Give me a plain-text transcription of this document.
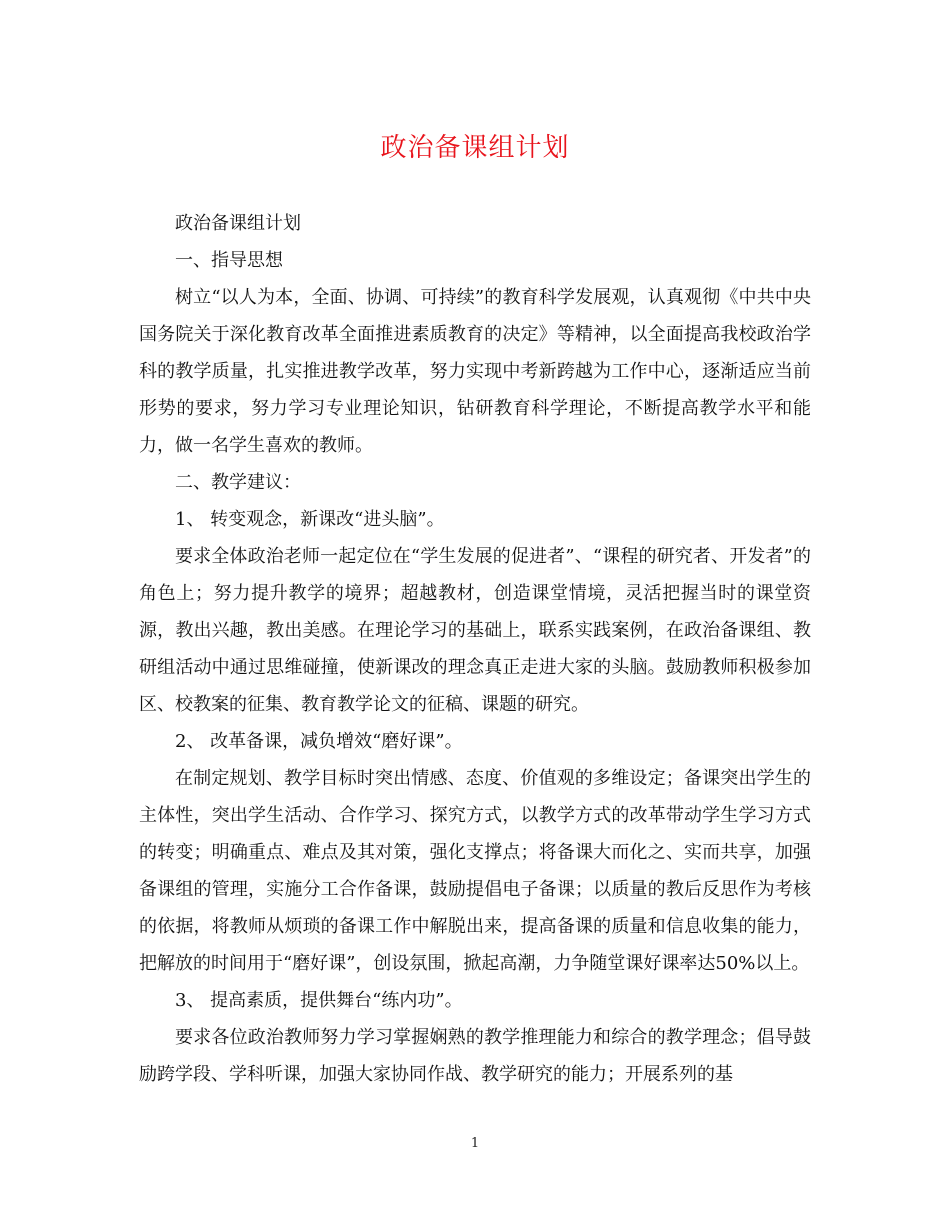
政治备课组计划

政治备课组计划

一、指导思想

树立“以人为本，全面、协调、可持续”的教育科学发展观，认真观彻《中共中央国务院关于深化教育改革全面推进素质教育的决定》等精神，以全面提高我校政治学科的教学质量，扎实推进教学改革，努力实现中考新跨越为工作中心，逐渐适应当前形势的要求，努力学习专业理论知识，钻研教育科学理论，不断提高教学水平和能力，做一名学生喜欢的教师。

二、教学建议：

1、 转变观念，新课改“进头脑”。

要求全体政治老师一起定位在“学生发展的促进者”、“课程的研究者、开发者”的角色上；努力提升教学的境界；超越教材，创造课堂情境，灵活把握当时的课堂资源，教出兴趣，教出美感。在理论学习的基础上，联系实践案例，在政治备课组、教研组活动中通过思维碰撞，使新课改的理念真正走进大家的头脑。鼓励教师积极参加区、校教案的征集、教育教学论文的征稿、课题的研究。

2、 改革备课，减负增效“磨好课”。

在制定规划、教学目标时突出情感、态度、价值观的多维设定；备课突出学生的主体性，突出学生活动、合作学习、探究方式，以教学方式的改革带动学生学习方式的转变；明确重点、难点及其对策，强化支撑点；将备课大而化之、实而共享，加强备课组的管理，实施分工合作备课，鼓励提倡电子备课；以质量的教后反思作为考核的依据，将教师从烦琐的备课工作中解脱出来，提高备课的质量和信息收集的能力，把解放的时间用于“磨好课”，创设氛围，掀起高潮，力争随堂课好课率达50%以上。

3、 提高素质，提供舞台“练内功”。

要求各位政治教师努力学习掌握娴熟的教学推理能力和综合的教学理念；倡导鼓励跨学段、学科听课，加强大家协同作战、教学研究的能力；开展系列的基

1
